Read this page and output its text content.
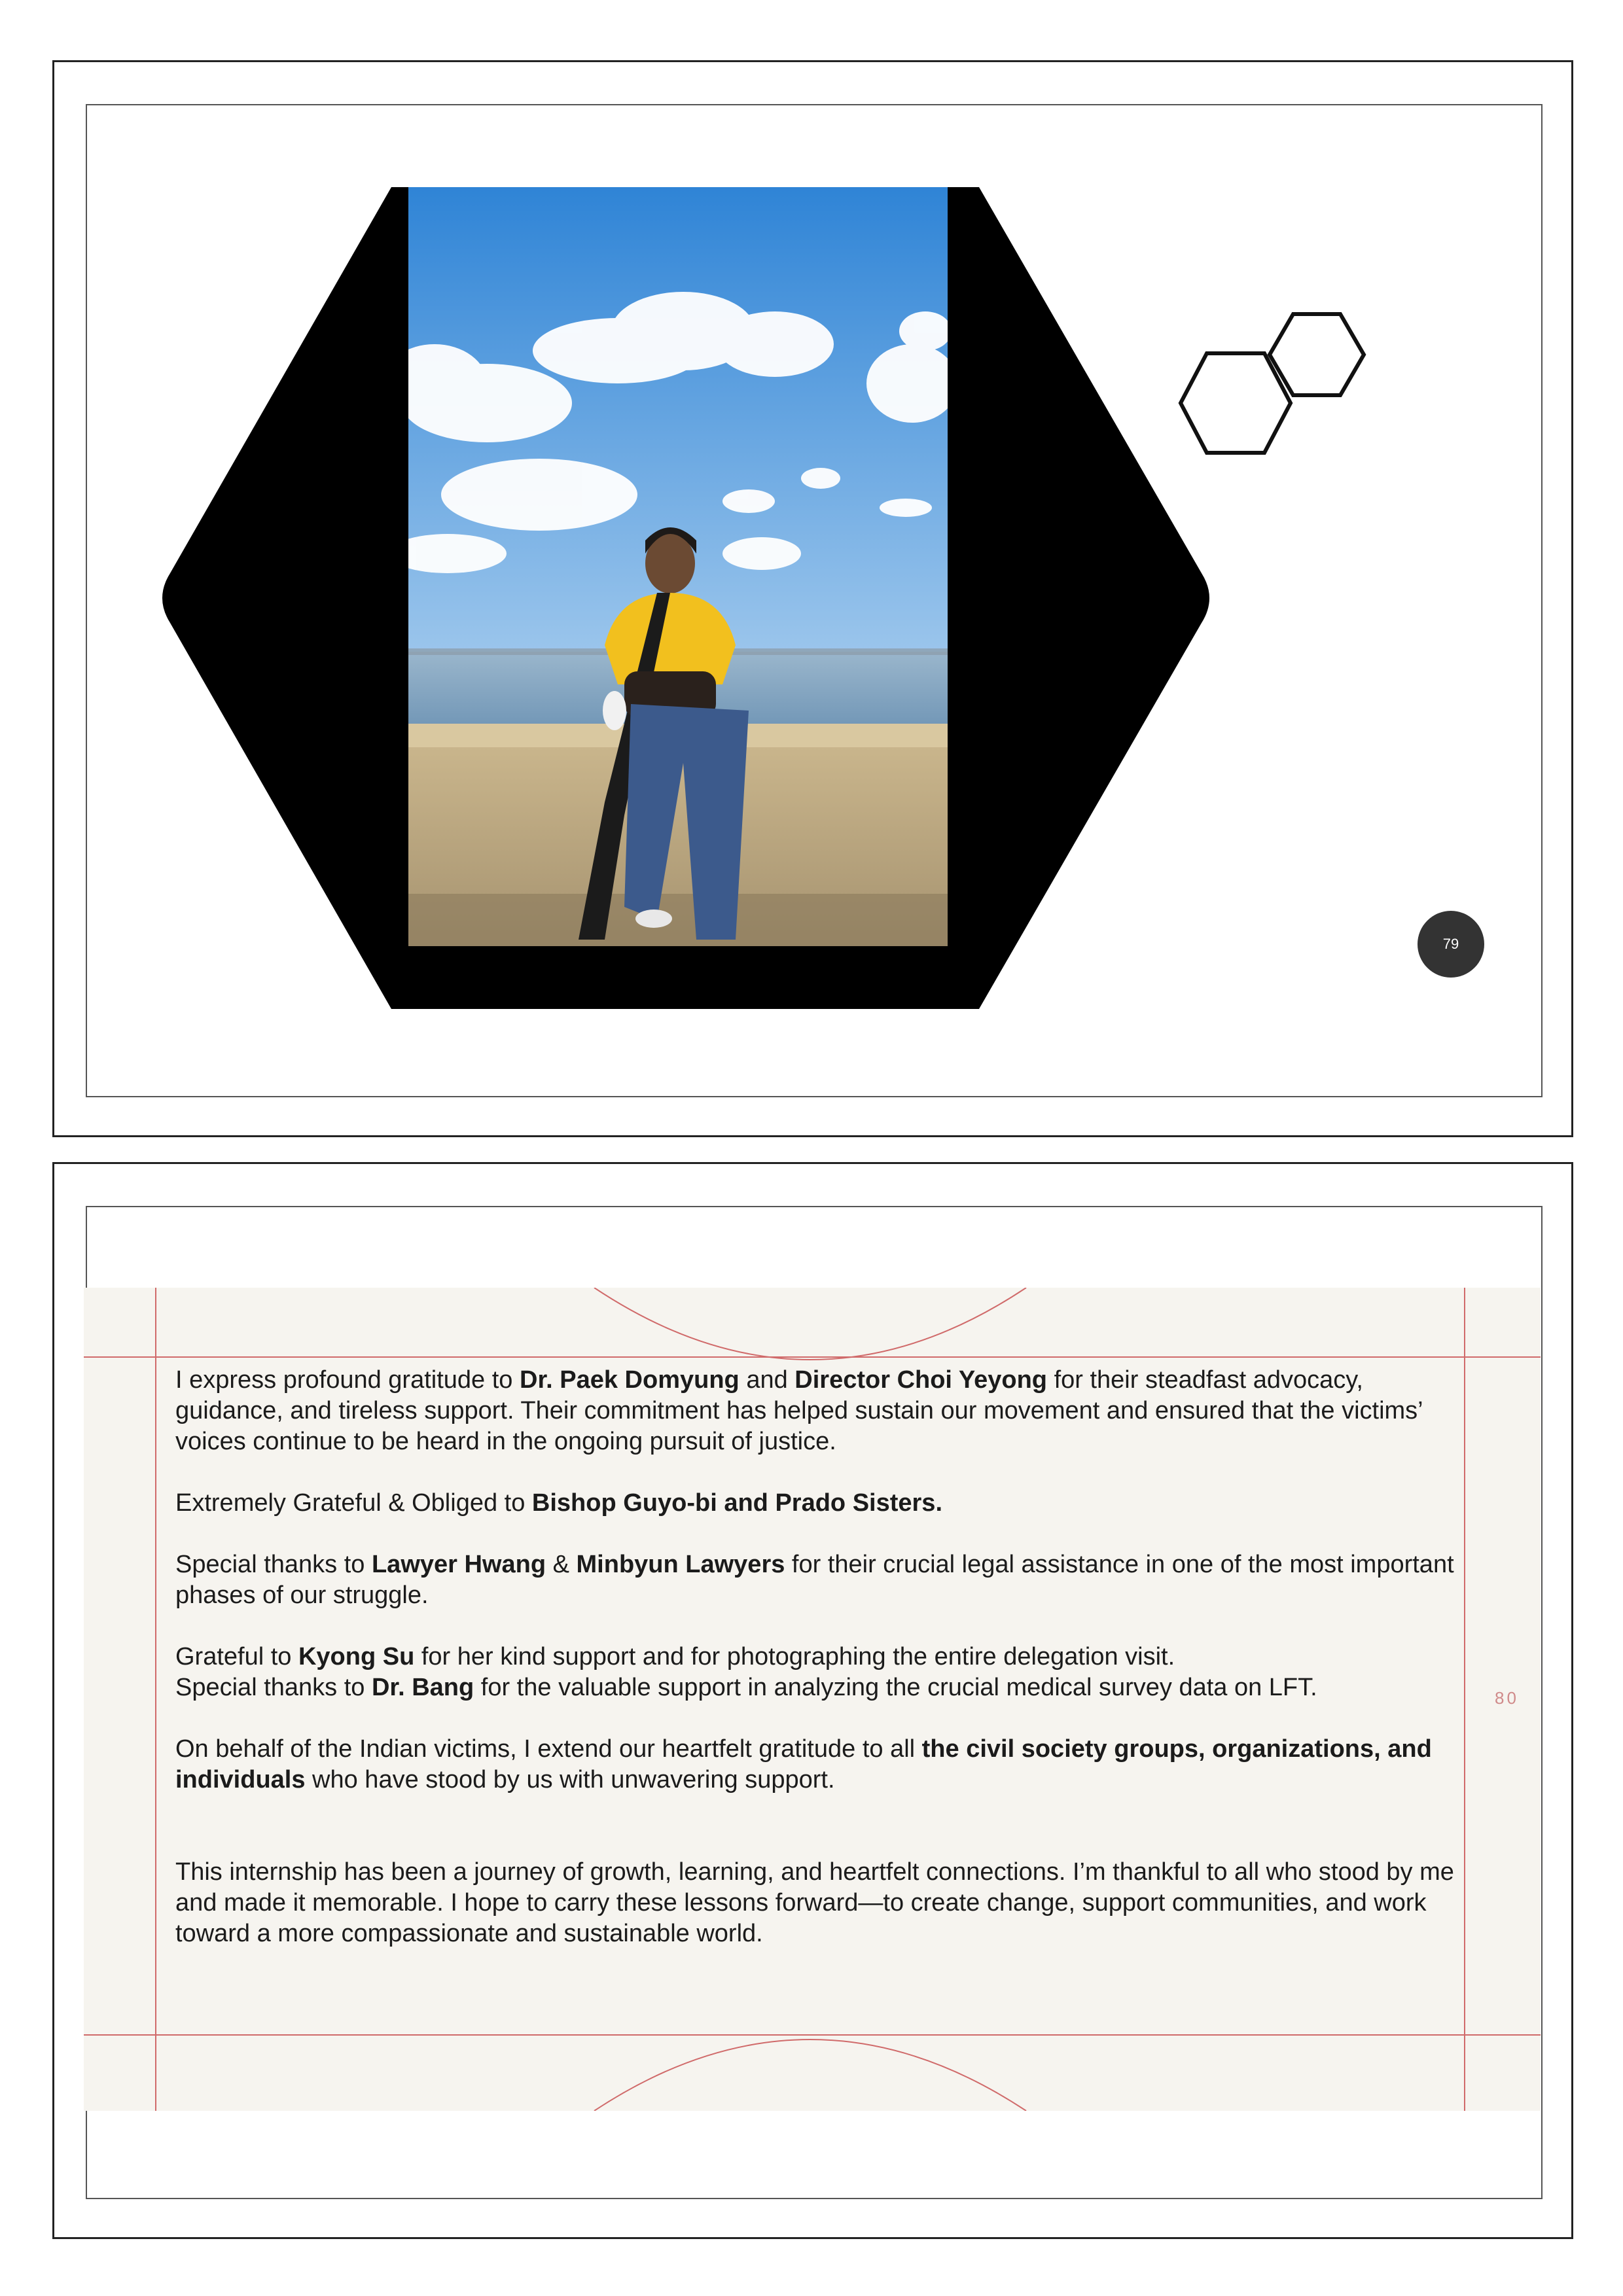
79

I express profound gratitude to Dr. Paek Domyung and Director Choi Yeyong for their steadfast advocacy, guidance, and tireless support. Their commitment has helped sustain our movement and ensured that the victims’ voices continue to be heard in the ongoing pursuit of justice.

Extremely Grateful & Obliged to Bishop Guyo-bi and Prado Sisters.

Special thanks to Lawyer Hwang & Minbyun Lawyers for their crucial legal assistance in one of the most important phases of our struggle.

Grateful to Kyong Su for her kind support and for photographing the entire delegation visit.

Special thanks to Dr. Bang for the valuable support in analyzing the crucial medical survey data on LFT.

On behalf of the Indian victims, I extend our heartfelt gratitude to all the civil society groups, organizations, and individuals who have stood by us with unwavering support.

This internship has been a journey of growth, learning, and heartfelt connections. I’m thankful to all who stood by me and made it memorable. I hope to carry these lessons forward—to create change, support communities, and work toward a more compassionate and sustainable world.

80
